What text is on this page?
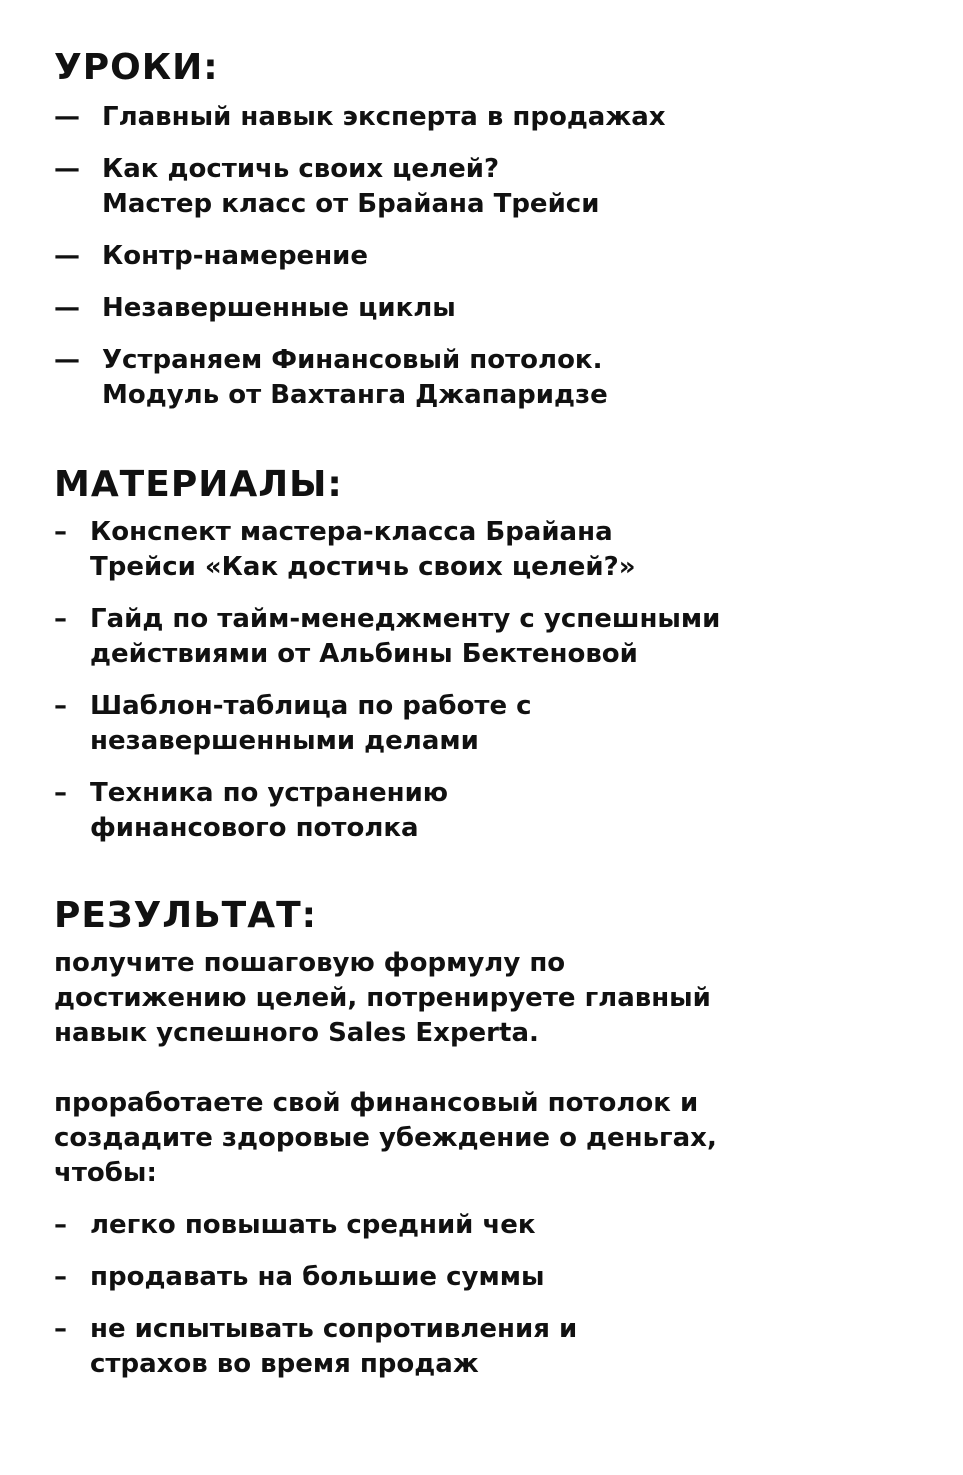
УРОКИ:
— Главный навык эксперта в продажах
— Как достичь своих целей?
Мастер класс от Брайана Трейси
— Контр-намерение
— Незавершенные циклы
— Устраняем Финансовый потолок.
Модуль от Вахтанга Джапаридзе
МАТЕРИАЛЫ:
– Конспект мастера-класса Брайана
Трейси «Как достичь своих целей?»
– Гайд по тайм-менеджменту с успешными
действиями от Альбины Бектеновой
– Шаблон-таблица по работе с
незавершенными делами
– Техника по устранению
финансового потолка
РЕЗУЛЬТАТ:

получите пошаговую формулу по
достижению целей, потренируете главный
навык успешного Sales Experta.

проработаете свой финансовый потолок и
создадите здоровые убеждение о деньгах,
чтобы:

– легко повышать средний чек
– продавать на большие суммы
– не испытывать сопротивления и
страхов во время продаж
